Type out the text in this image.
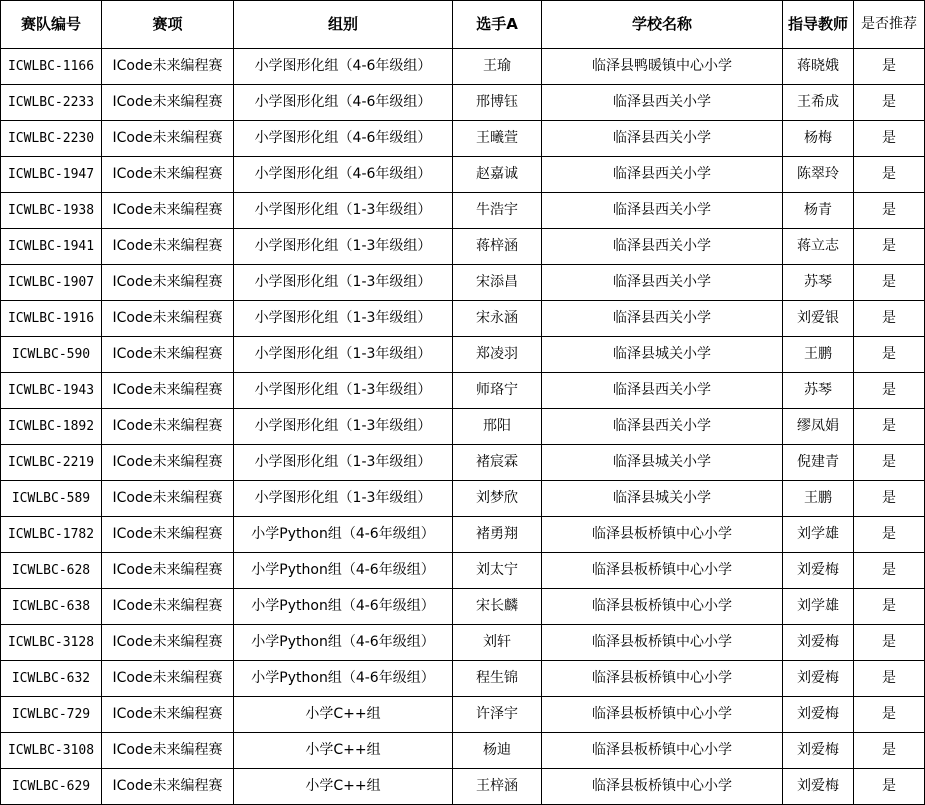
赛队编号	赛项	组别	选手A	学校名称	指导教师	是否推荐
ICWLBC-1166	ICode未来编程赛	小学图形化组（4-6年级组）	王瑜	临泽县鸭暖镇中心小学	蒋晓娥	是
ICWLBC-2233	ICode未来编程赛	小学图形化组（4-6年级组）	邢博钰	临泽县西关小学	王希成	是
ICWLBC-2230	ICode未来编程赛	小学图形化组（4-6年级组）	王曦萱	临泽县西关小学	杨梅	是
ICWLBC-1947	ICode未来编程赛	小学图形化组（4-6年级组）	赵嘉诚	临泽县西关小学	陈翠玲	是
ICWLBC-1938	ICode未来编程赛	小学图形化组（1-3年级组）	牛浩宇	临泽县西关小学	杨青	是
ICWLBC-1941	ICode未来编程赛	小学图形化组（1-3年级组）	蒋梓涵	临泽县西关小学	蒋立志	是
ICWLBC-1907	ICode未来编程赛	小学图形化组（1-3年级组）	宋添昌	临泽县西关小学	苏琴	是
ICWLBC-1916	ICode未来编程赛	小学图形化组（1-3年级组）	宋永涵	临泽县西关小学	刘爱银	是
ICWLBC-590	ICode未来编程赛	小学图形化组（1-3年级组）	郑凌羽	临泽县城关小学	王鹏	是
ICWLBC-1943	ICode未来编程赛	小学图形化组（1-3年级组）	师珞宁	临泽县西关小学	苏琴	是
ICWLBC-1892	ICode未来编程赛	小学图形化组（1-3年级组）	邢阳	临泽县西关小学	缪凤娟	是
ICWLBC-2219	ICode未来编程赛	小学图形化组（1-3年级组）	褚宸霖	临泽县城关小学	倪建青	是
ICWLBC-589	ICode未来编程赛	小学图形化组（1-3年级组）	刘梦欣	临泽县城关小学	王鹏	是
ICWLBC-1782	ICode未来编程赛	小学Python组（4-6年级组）	褚勇翔	临泽县板桥镇中心小学	刘学雄	是
ICWLBC-628	ICode未来编程赛	小学Python组（4-6年级组）	刘太宁	临泽县板桥镇中心小学	刘爱梅	是
ICWLBC-638	ICode未来编程赛	小学Python组（4-6年级组）	宋长麟	临泽县板桥镇中心小学	刘学雄	是
ICWLBC-3128	ICode未来编程赛	小学Python组（4-6年级组）	刘轩	临泽县板桥镇中心小学	刘爱梅	是
ICWLBC-632	ICode未来编程赛	小学Python组（4-6年级组）	程生锦	临泽县板桥镇中心小学	刘爱梅	是
ICWLBC-729	ICode未来编程赛	小学C++组	许泽宇	临泽县板桥镇中心小学	刘爱梅	是
ICWLBC-3108	ICode未来编程赛	小学C++组	杨迪	临泽县板桥镇中心小学	刘爱梅	是
ICWLBC-629	ICode未来编程赛	小学C++组	王梓涵	临泽县板桥镇中心小学	刘爱梅	是
